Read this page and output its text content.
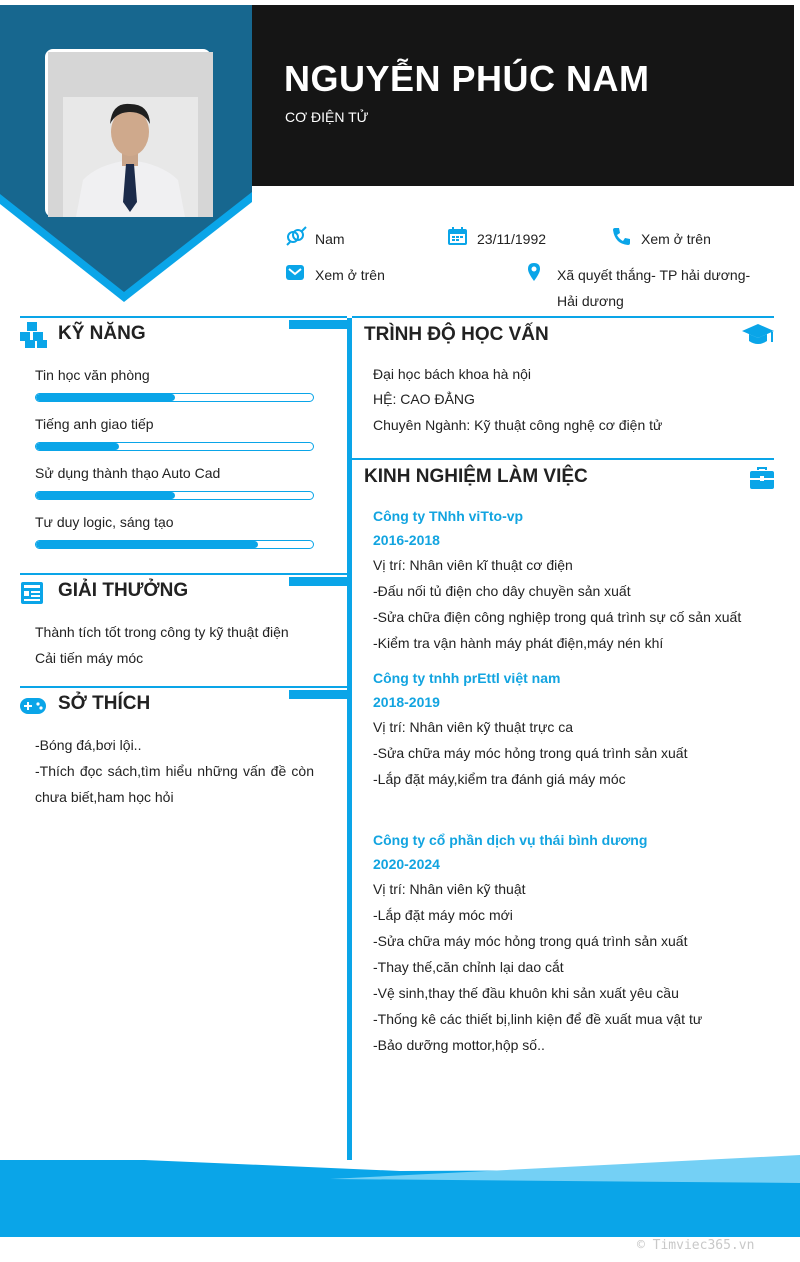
NGUYỄN PHÚC NAM
CƠ ĐIỆN TỬ
Nam	23/11/1992	Xem ở trên
Xem ở trên	Xã quyết thắng- TP hải dương-
Hải dương
KỸ NĂNG
Tin học văn phòng
Tiếng anh giao tiếp
Sử dụng thành thạo Auto Cad
Tư duy logic, sáng tạo
GIẢI THƯỞNG
Thành tích tốt trong công ty kỹ thuật điện
Cải tiến máy móc
SỞ THÍCH
-Bóng đá,bơi lội..
-Thích đọc sách,tìm hiểu những vấn đề còn chưa biết,ham học hỏi
TRÌNH ĐỘ HỌC VẤN
Đại học bách khoa hà nội
HỆ: CAO ĐẲNG
Chuyên Ngành: Kỹ thuật công nghệ cơ điện tử
KINH NGHIỆM LÀM VIỆC
Công ty TNhh viTto-vp
2016-2018
Vị trí: Nhân viên kĩ thuật cơ điện
-Đấu nối tủ điện cho dây chuyền sản xuất
-Sửa chữa điện công nghiệp trong quá trình sự cố sản xuất
-Kiểm tra vận hành máy phát điện,máy nén khí
Công ty tnhh prEttl việt nam
2018-2019
Vị trí: Nhân viên kỹ thuật trực ca
-Sửa chữa máy móc hỏng trong quá trình sản xuất
-Lắp đặt máy,kiểm tra đánh giá máy móc
Công ty cổ phần dịch vụ thái bình dương
2020-2024
Vị trí: Nhân viên kỹ thuật
-Lắp đặt máy móc mới
-Sửa chữa máy móc hỏng trong quá trình sản xuất
-Thay thế,căn chỉnh lại dao cắt
-Vệ sinh,thay thế đầu khuôn khi sản xuất yêu cầu
-Thống kê các thiết bị,linh kiện để đề xuất mua vật tư
-Bảo dưỡng mottor,hộp số..
© Timviec365.vn
